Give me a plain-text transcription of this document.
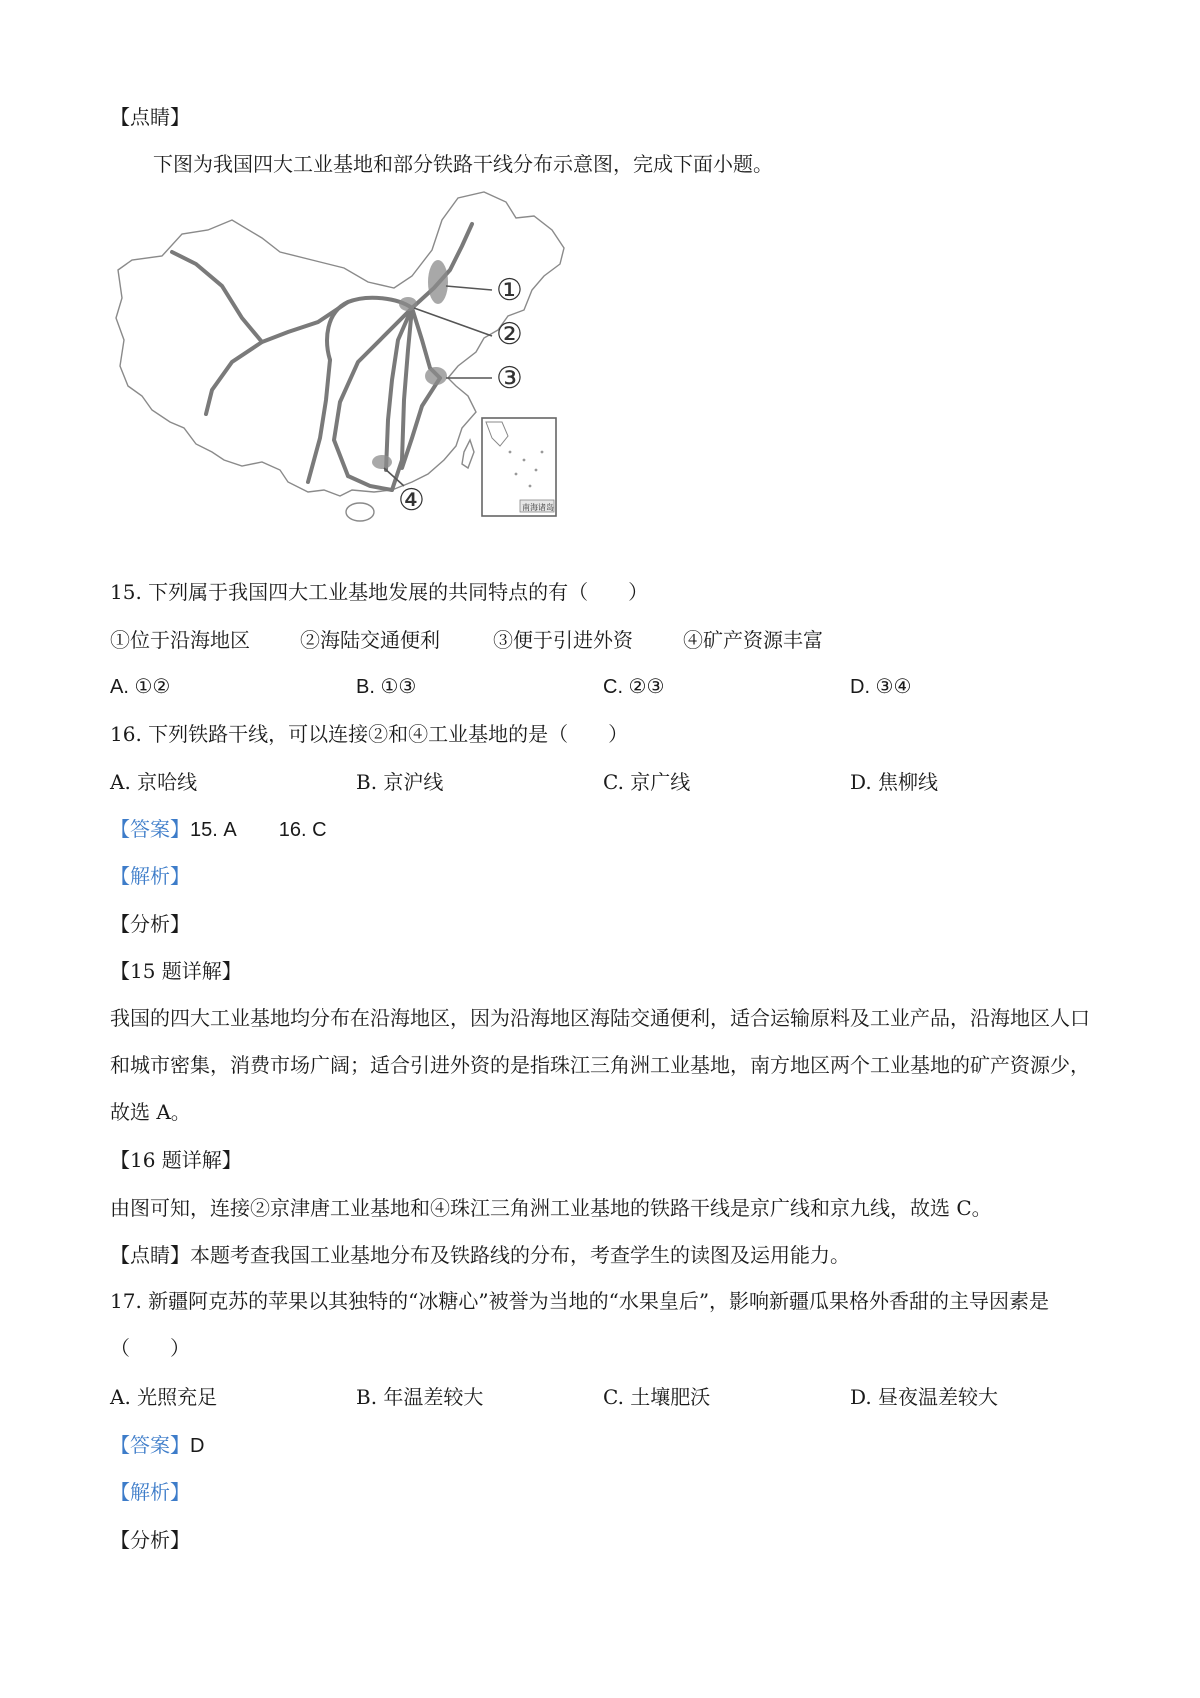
【点睛】
下图为我国四大工业基地和部分铁路干线分布示意图，完成下面小题。
①
②
③
④	南海诸岛
15. 下列属于我国四大工业基地发展的共同特点的有（　　）
①位于沿海地区	②海陆交通便利	③便于引进外资	④矿产资源丰富
A. ①②	B. ①③	C. ②③	D. ③④
16. 下列铁路干线，可以连接②和④工业基地的是（　　）
A. 京哈线	B. 京沪线	C. 京广线	D. 焦柳线
【答案】15. A 16. C
【解析】
【分析】
【15 题详解】
我国的四大工业基地均分布在沿海地区，因为沿海地区海陆交通便利，适合运输原料及工业产品，沿海地区人口和城市密集，消费市场广阔；适合引进外资的是指珠江三角洲工业基地，南方地区两个工业基地的矿产资源少，故选 A。
【16 题详解】
由图可知，连接②京津唐工业基地和④珠江三角洲工业基地的铁路干线是京广线和京九线，故选 C。
【点睛】本题考查我国工业基地分布及铁路线的分布，考查学生的读图及运用能力。
17. 新疆阿克苏的苹果以其独特的“冰糖心”被誉为当地的“水果皇后”，影响新疆瓜果格外香甜的主导因素是（　　）
A. 光照充足	B. 年温差较大	C. 土壤肥沃	D. 昼夜温差较大
【答案】D
【解析】
【分析】
